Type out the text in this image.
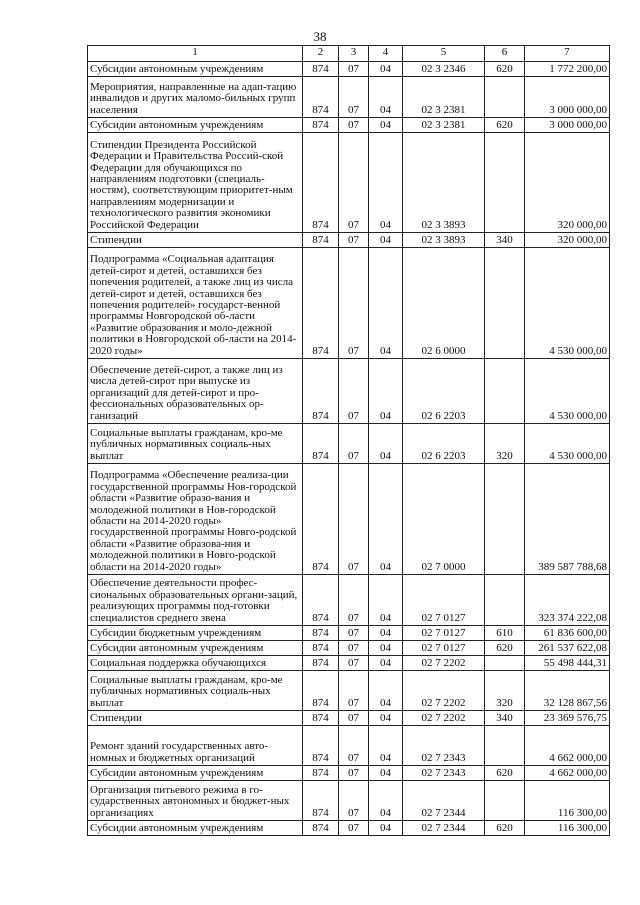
38
1	2	3	4	5	6	7
Субсидии автономным учреждениям	874	07	04	02 3 2346	620	1 772 200,00
Мероприятия, направленные на адап-тацию инвалидов и других маломо-бильных групп населения	874	07	04	02 3 2381		3 000 000,00
Субсидии автономным учреждениям	874	07	04	02 3 2381	620	3 000 000,00
Стипендии Президента Российской Федерации и Правительства Россий-ской Федерации для обучающихся по направлениям подготовки (специаль-ностям), соответствующим приоритет-ным направлениям модернизации и технологического развития экономики Российской Федерации	874	07	04	02 3 3893		320 000,00
Стипендии	874	07	04	02 3 3893	340	320 000,00
Подпрограмма «Социальная адаптация детей-сирот и детей, оставшихся без попечения родителей, а также лиц из числа детей-сирот и детей, оставшихся без попечения родителей» государст-венной программы Новгородской об-ласти «Развитие образования и моло-дежной политики в Новгородской об-ласти на 2014-2020 годы»	874	07	04	02 6 0000		4 530 000,00
Обеспечение детей-сирот, а также лиц из числа детей-сирот при выпуске из организаций для детей-сирот и про-фессиональных образовательных ор-ганизаций	874	07	04	02 6 2203		4 530 000,00
Социальные выплаты гражданам, кро-ме публичных нормативных социаль-ных выплат	874	07	04	02 6 2203	320	4 530 000,00
Подпрограмма «Обеспечение реализа-ции государственной программы Нов-городской области «Развитие образо-вания и молодежной политики в Нов-городской области на 2014-2020 годы» государственной программы Новго-родской области «Развитие образова-ния и молодежной политики в Новго-родской области на 2014-2020 годы»	874	07	04	02 7 0000		389 587 788,68
Обеспечение деятельности профес-сиональных образовательных органи-заций, реализующих программы под-готовки специалистов среднего звена	874	07	04	02 7 0127		323 374 222,08
Субсидии бюджетным учреждениям	874	07	04	02 7 0127	610	61 836 600,00
Субсидии автономным учреждениям	874	07	04	02 7 0127	620	261 537 622,08
Социальная поддержка обучающихся	874	07	04	02 7 2202		55 498 444,31
Социальные выплаты гражданам, кро-ме публичных нормативных социаль-ных выплат	874	07	04	02 7 2202	320	32 128 867,56
Стипендии	874	07	04	02 7 2202	340	23 369 576,75
Ремонт зданий государственных авто-номных и бюджетных организаций	874	07	04	02 7 2343		4 662 000,00
Субсидии автономным учреждениям	874	07	04	02 7 2343	620	4 662 000,00
Организация питьевого режима в го-сударственных автономных и бюджет-ных организациях	874	07	04	02 7 2344		116 300,00
Субсидии автономным учреждениям	874	07	04	02 7 2344	620	116 300,00
